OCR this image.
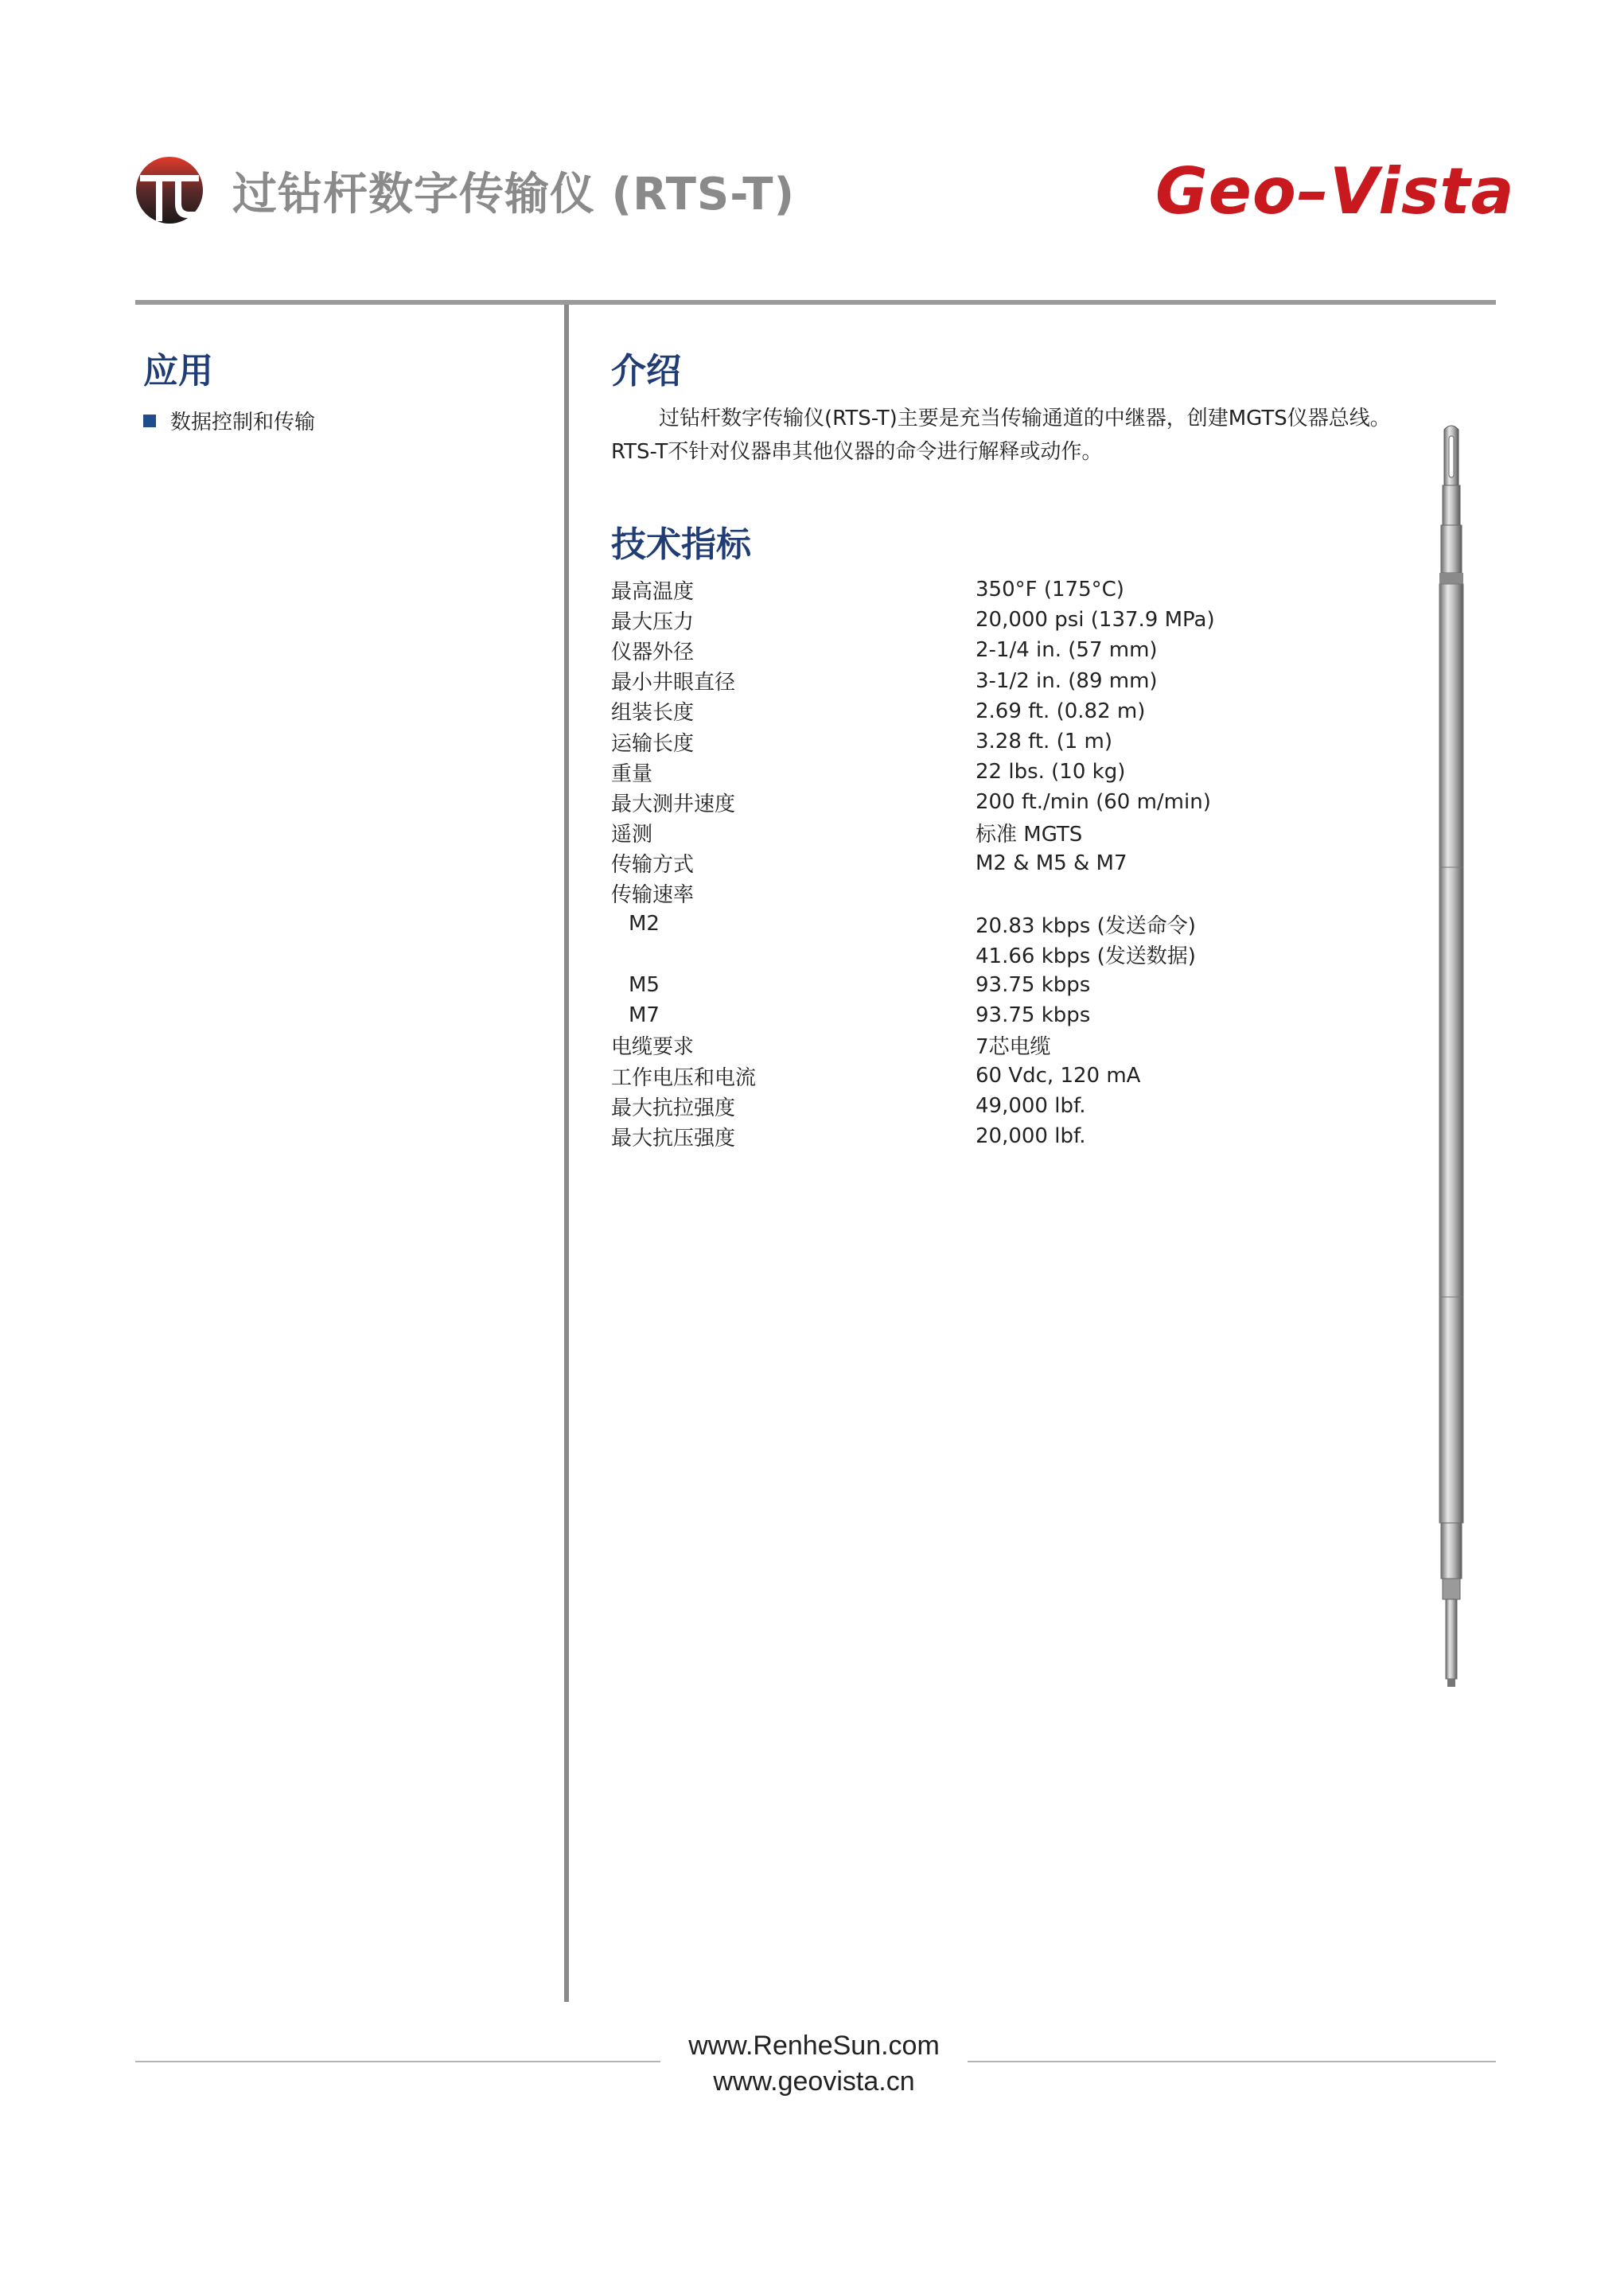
过钻杆数字传输仪 (RTS-T)	Geo–Vista
应用
数据控制和传输
介绍
过钻杆数字传输仪(RTS-T)主要是充当传输通道的中继器，创建MGTS仪器总线。RTS-T不针对仪器串其他仪器的命令进行解释或动作。
技术指标
最高温度	350°F (175°C)
最大压力	20,000 psi (137.9 MPa)
仪器外径	2-1/4 in. (57 mm)
最小井眼直径	3-1/2 in. (89 mm)
组装长度	2.69 ft. (0.82 m)
运输长度	3.28 ft. (1 m)
重量	22 lbs. (10 kg)
最大测井速度	200 ft./min (60 m/min)
遥测	标准 MGTS
传输方式	M2 & M5 & M7
传输速率
M2	20.83 kbps (发送命令)
41.66 kbps (发送数据)
M5	93.75 kbps
M7	93.75 kbps
电缆要求	7芯电缆
工作电压和电流	60 Vdc, 120 mA
最大抗拉强度	49,000 lbf.
最大抗压强度	20,000 lbf.
www.RenheSun.com
www.geovista.cn
